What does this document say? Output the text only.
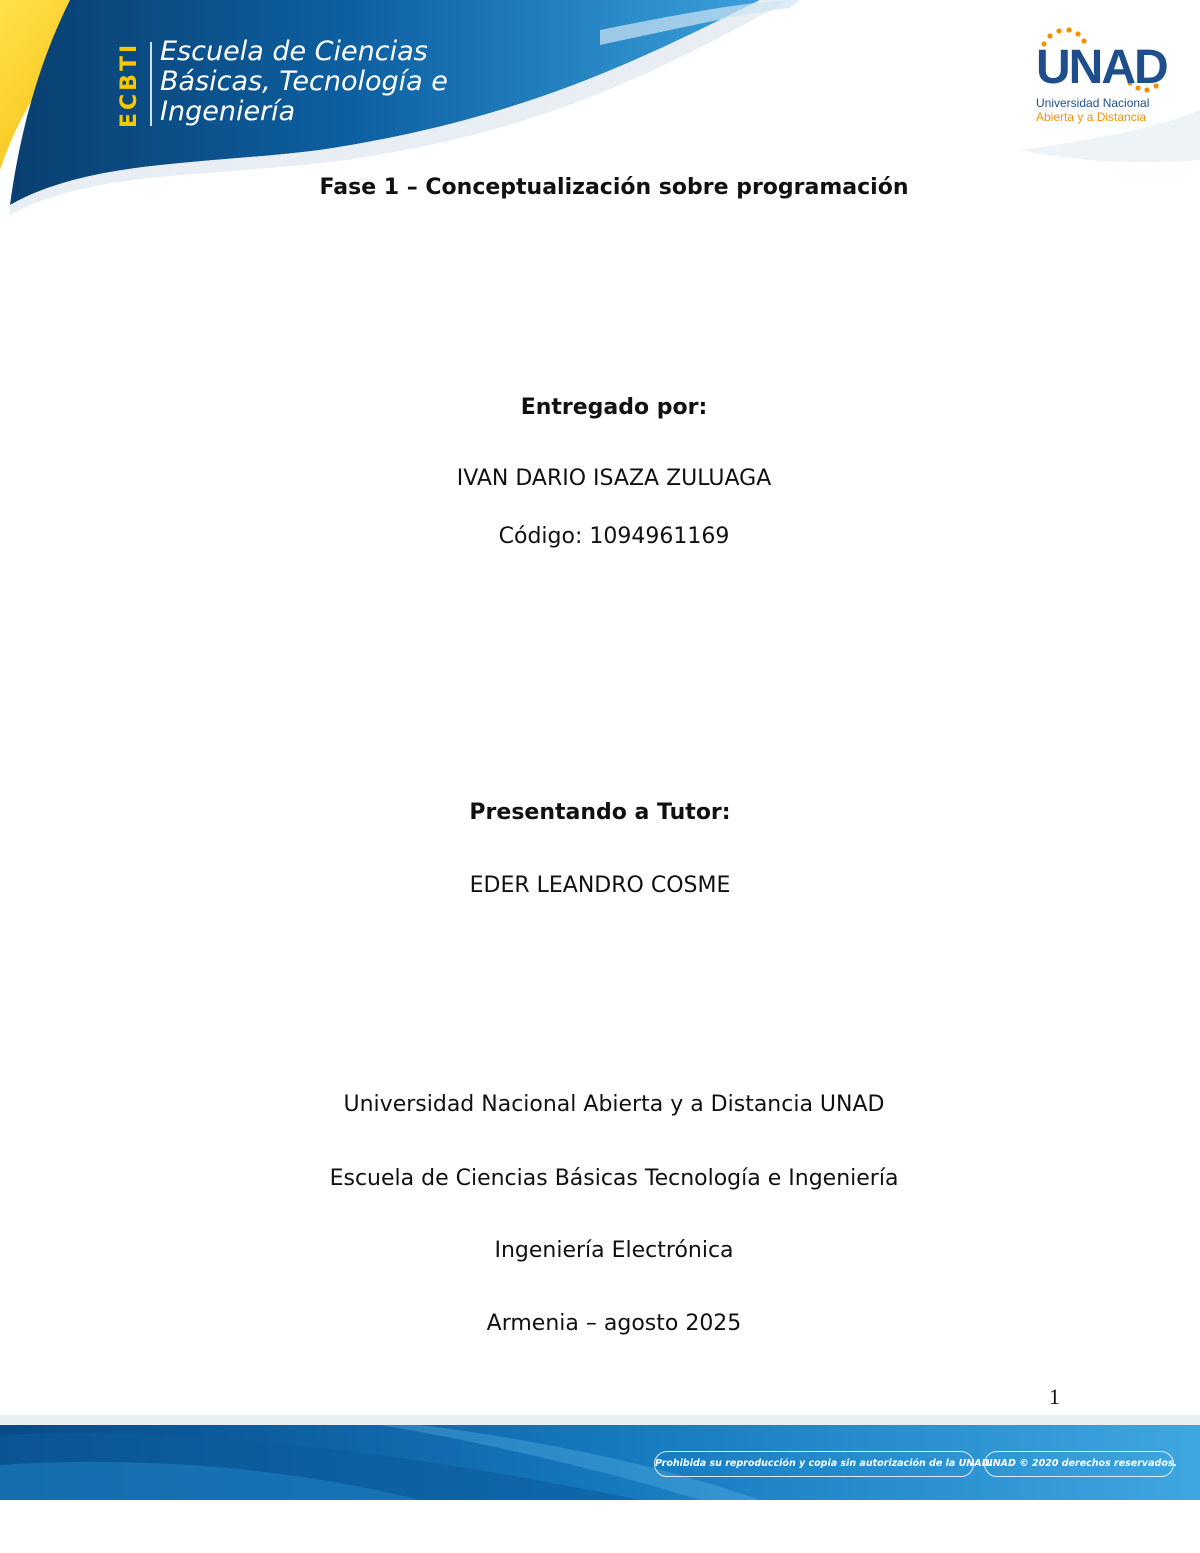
ECBTI Escuela de Ciencias
Básicas, Tecnología e
Ingeniería
UNAD
Universidad Nacional
Abierta y a Distancia

Fase 1 – Conceptualización sobre programación

Entregado por:

IVAN DARIO ISAZA ZULUAGA

Código: 1094961169

Presentando a Tutor:

EDER LEANDRO COSME

Universidad Nacional Abierta y a Distancia UNAD

Escuela de Ciencias Básicas Tecnología e Ingeniería

Ingeniería Electrónica

Armenia – agosto 2025

1
Prohibida su reproducción y copia sin autorización de la UNAD.
UNAD © 2020 derechos reservados.
